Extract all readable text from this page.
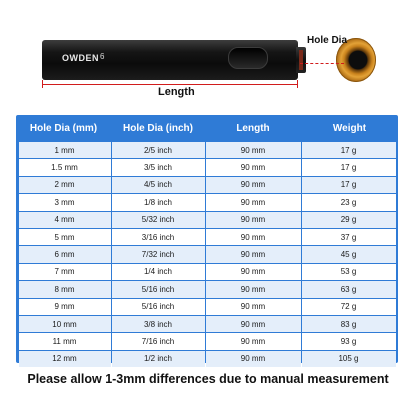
OWDEN 6
Hole Dia
Length
Hole Dia (mm)	Hole Dia (inch)	Length	Weight
1 mm	2/5 inch	90 mm	17 g
1.5 mm	3/5 inch	90 mm	17 g
2 mm	4/5 inch	90 mm	17 g
3 mm	1/8 inch	90 mm	23 g
4 mm	5/32 inch	90 mm	29 g
5 mm	3/16 inch	90 mm	37 g
6 mm	7/32 inch	90 mm	45 g
7 mm	1/4 inch	90 mm	53 g
8 mm	5/16 inch	90 mm	63 g
9 mm	5/16 inch	90 mm	72 g
10 mm	3/8 inch	90 mm	83 g
11 mm	7/16 inch	90 mm	93 g
12 mm	1/2 inch	90 mm	105 g
Please allow 1-3mm differences due to manual measurement
